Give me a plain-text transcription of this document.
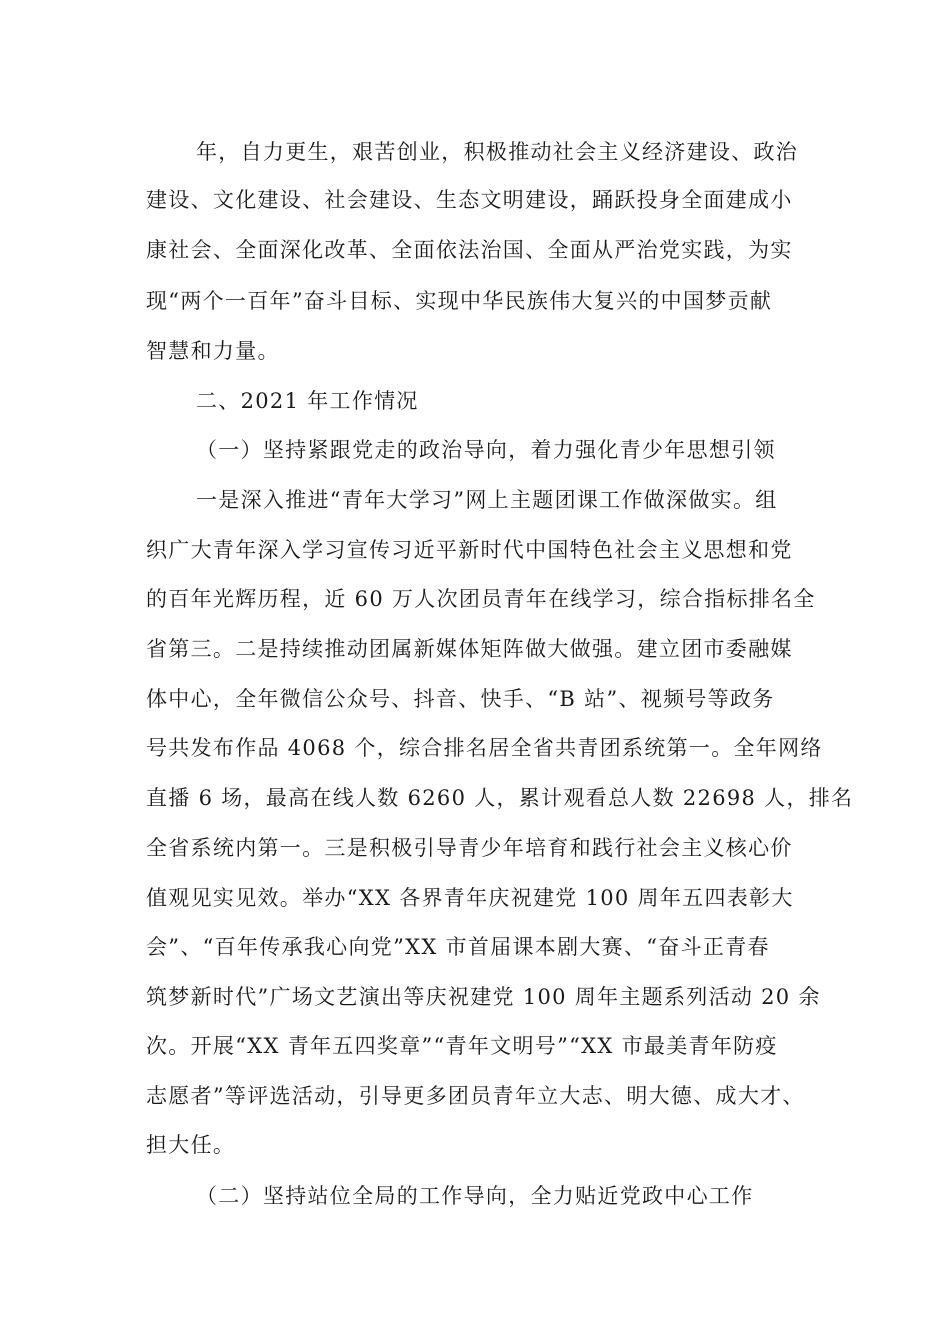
年，自力更生，艰苦创业，积极推动社会主义经济建设、政治
建设、文化建设、社会建设、生态文明建设，踊跃投身全面建成小
康社会、全面深化改革、全面依法治国、全面从严治党实践，为实
现“两个一百年”奋斗目标、实现中华民族伟大复兴的中国梦贡献
智慧和力量。
二、2021 年工作情况
（一）坚持紧跟党走的政治导向，着力强化青少年思想引领
一是深入推进“青年大学习”网上主题团课工作做深做实。组
织广大青年深入学习宣传习近平新时代中国特色社会主义思想和党
的百年光辉历程，近 60 万人次团员青年在线学习，综合指标排名全
省第三。二是持续推动团属新媒体矩阵做大做强。建立团市委融媒
体中心，全年微信公众号、抖音、快手、“B 站”、视频号等政务
号共发布作品 4068 个，综合排名居全省共青团系统第一。全年网络
直播 6 场，最高在线人数 6260 人，累计观看总人数 22698 人，排名
全省系统内第一。三是积极引导青少年培育和践行社会主义核心价
值观见实见效。举办“XX 各界青年庆祝建党 100 周年五四表彰大
会”、“百年传承我心向党”XX 市首届课本剧大赛、“奋斗正青春
筑梦新时代”广场文艺演出等庆祝建党 100 周年主题系列活动 20 余
次。开展“XX 青年五四奖章”“青年文明号”“XX 市最美青年防疫
志愿者”等评选活动，引导更多团员青年立大志、明大德、成大才、
担大任。
（二）坚持站位全局的工作导向，全力贴近党政中心工作
